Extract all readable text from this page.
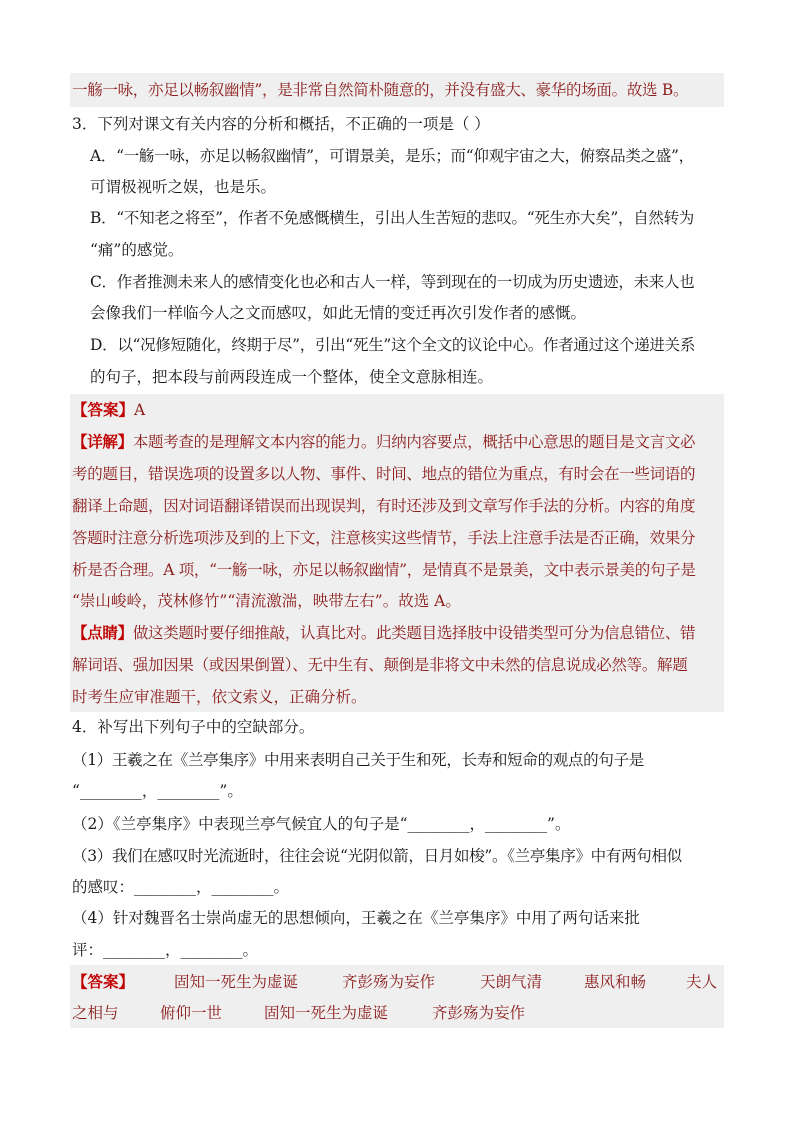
一觞一咏，亦足以畅叙幽情”，是非常自然简朴随意的，并没有盛大、豪华的场面。故选 B。
3．下列对课文有关内容的分析和概括，不正确的一项是（ ）
A．“一觞一咏，亦足以畅叙幽情”，可谓景美，是乐；而“仰观宇宙之大，俯察品类之盛”，
可谓极视听之娱，也是乐。
B．“不知老之将至”，作者不免感慨横生，引出人生苦短的悲叹。“死生亦大矣”，自然转为
“痛”的感觉。
C．作者推测未来人的感情变化也必和古人一样，等到现在的一切成为历史遗迹，未来人也
会像我们一样临今人之文而感叹，如此无情的变迁再次引发作者的感慨。
D．以“况修短随化，终期于尽”，引出“死生”这个全文的议论中心。作者通过这个递进关系
的句子，把本段与前两段连成一个整体，使全文意脉相连。
【答案】A
【详解】本题考查的是理解文本内容的能力。归纳内容要点，概括中心意思的题目是文言文必
考的题目，错误选项的设置多以人物、事件、时间、地点的错位为重点，有时会在一些词语的
翻译上命题，因对词语翻译错误而出现误判，有时还涉及到文章写作手法的分析。内容的角度
答题时注意分析选项涉及到的上下文，注意核实这些情节，手法上注意手法是否正确，效果分
析是否合理。A 项，“一觞一咏，亦足以畅叙幽情”，是情真不是景美，文中表示景美的句子是
“崇山峻岭，茂林修竹”“清流激湍，映带左右”。故选 A。
【点睛】做这类题时要仔细推敲，认真比对。此类题目选择肢中设错类型可分为信息错位、错
解词语、强加因果（或因果倒置）、无中生有、颠倒是非将文中未然的信息说成必然等。解题
时考生应审准题干，依文索义，正确分析。
4．补写出下列句子中的空缺部分。
（1）王羲之在《兰亭集序》中用来表明自己关于生和死，长寿和短命的观点的句子是
“________，________”。
（2）《兰亭集序》中表现兰亭气候宜人的句子是“________，________”。
（3）我们在感叹时光流逝时，往往会说“光阴似箭，日月如梭”。《兰亭集序》中有两句相似
的感叹：________，________。
（4）针对魏晋名士崇尚虚无的思想倾向，王羲之在《兰亭集序》中用了两句话来批
评：________，________。
【答案】	固知一死生为虚诞	齐彭殇为妄作	天朗气清	惠风和畅	夫人
之相与	俯仰一世	固知一死生为虚诞	齐彭殇为妄作
